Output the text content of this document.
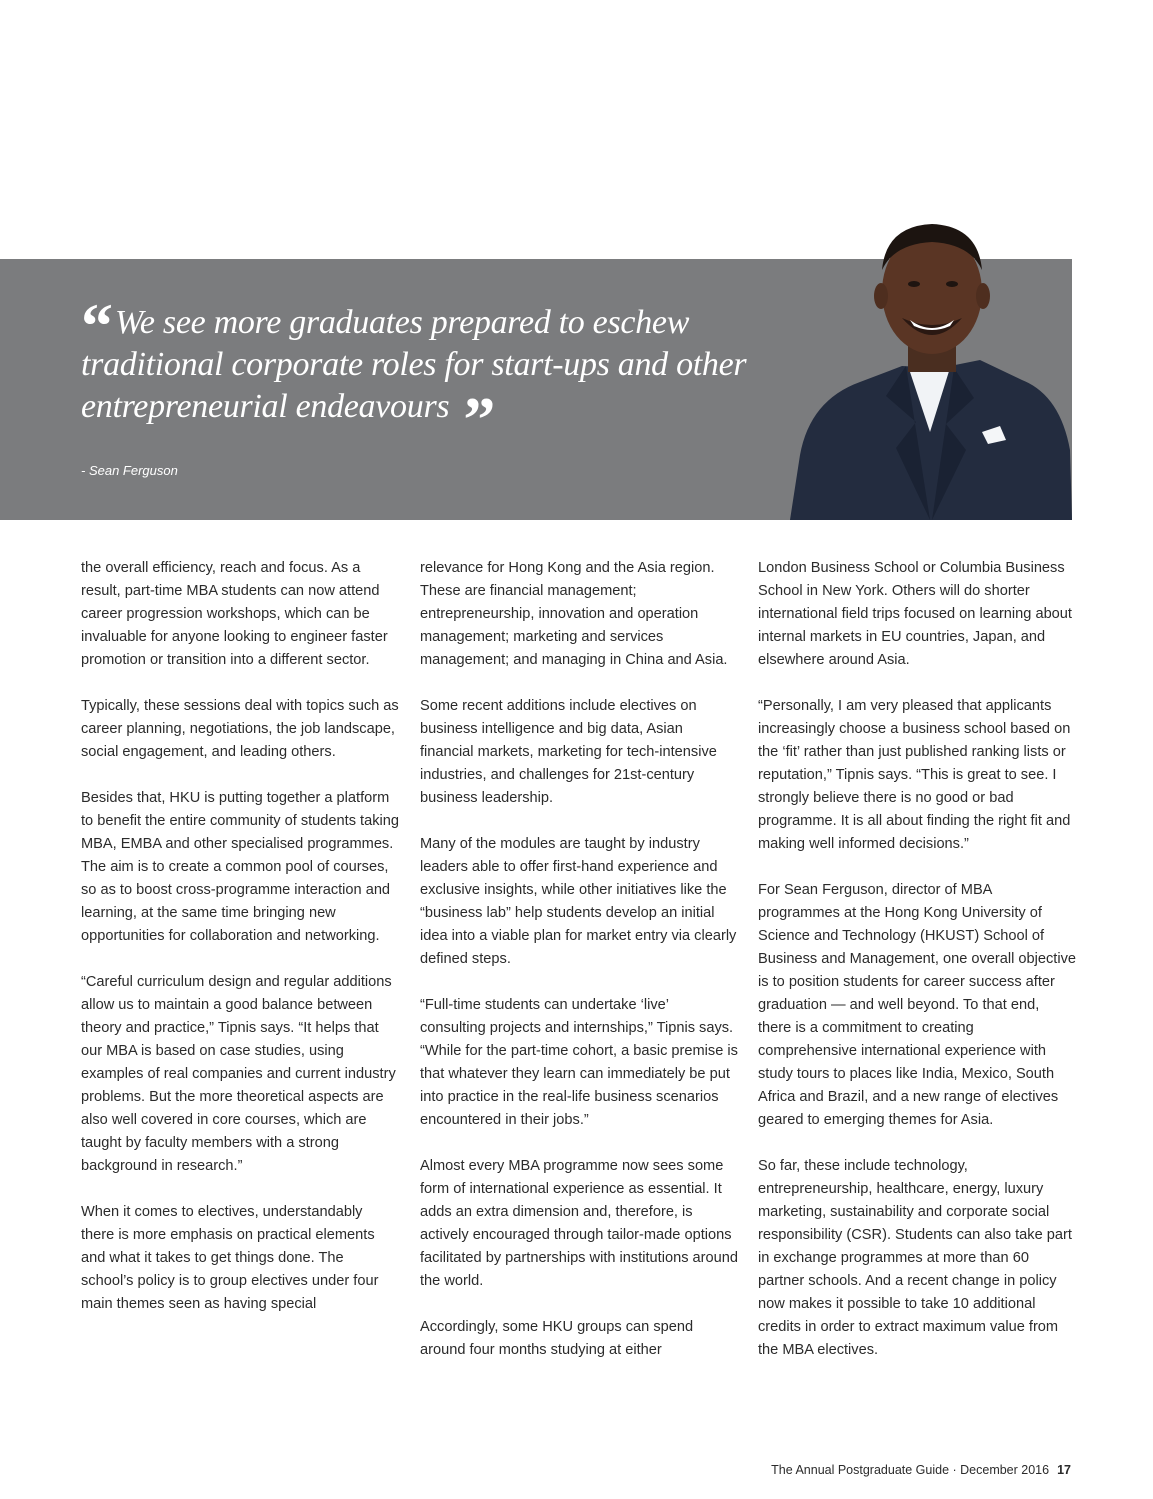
“ We see more graduates prepared to eschew traditional corporate roles for start-ups and other entrepreneurial endeavours ”
- Sean Ferguson

the overall efficiency, reach and focus. As a result, part-time MBA students can now attend career progression workshops, which can be invaluable for anyone looking to engineer faster promotion or transition into a different sector.

Typically, these sessions deal with topics such as career planning, negotiations, the job landscape, social engagement, and leading others.

Besides that, HKU is putting together a platform to benefit the entire community of students taking MBA, EMBA and other specialised programmes. The aim is to create a common pool of courses, so as to boost cross-programme interaction and learning, at the same time bringing new opportunities for collaboration and networking.

“Careful curriculum design and regular additions allow us to maintain a good balance between theory and practice,” Tipnis says. “It helps that our MBA is based on case studies, using examples of real companies and current industry problems. But the more theoretical aspects are also well covered in core courses, which are taught by faculty members with a strong background in research.”

When it comes to electives, understandably there is more emphasis on practical elements and what it takes to get things done. The school’s policy is to group electives under four main themes seen as having special

relevance for Hong Kong and the Asia region. These are financial management; entrepreneurship, innovation and operation management; marketing and services management; and managing in China and Asia.

Some recent additions include electives on business intelligence and big data, Asian financial markets, marketing for tech-intensive industries, and challenges for 21st-century business leadership.

Many of the modules are taught by industry leaders able to offer first-hand experience and exclusive insights, while other initiatives like the “business lab” help students develop an initial idea into a viable plan for market entry via clearly defined steps.

“Full-time students can undertake ‘live’ consulting projects and internships,” Tipnis says. “While for the part-time cohort, a basic premise is that whatever they learn can immediately be put into practice in the real-life business scenarios encountered in their jobs.”

Almost every MBA programme now sees some form of international experience as essential. It adds an extra dimension and, therefore, is actively encouraged through tailor-made options facilitated by partnerships with institutions around the world.

Accordingly, some HKU groups can spend around four months studying at either

London Business School or Columbia Business School in New York. Others will do shorter international field trips focused on learning about internal markets in EU countries, Japan, and elsewhere around Asia.

“Personally, I am very pleased that applicants increasingly choose a business school based on the ‘fit’ rather than just published ranking lists or reputation,” Tipnis says. “This is great to see. I strongly believe there is no good or bad programme. It is all about finding the right fit and making well informed decisions.”

For Sean Ferguson, director of MBA programmes at the Hong Kong University of Science and Technology (HKUST) School of Business and Management, one overall objective is to position students for career success after graduation — and well beyond. To that end, there is a commitment to creating comprehensive international experience with study tours to places like India, Mexico, South Africa and Brazil, and a new range of electives geared to emerging themes for Asia.

So far, these include technology, entrepreneurship, healthcare, energy, luxury marketing, sustainability and corporate social responsibility (CSR). Students can also take part in exchange programmes at more than 60 partner schools. And a recent change in policy now makes it possible to take 10 additional credits in order to extract maximum value from the MBA electives.

The Annual Postgraduate Guide · December 2016 17
